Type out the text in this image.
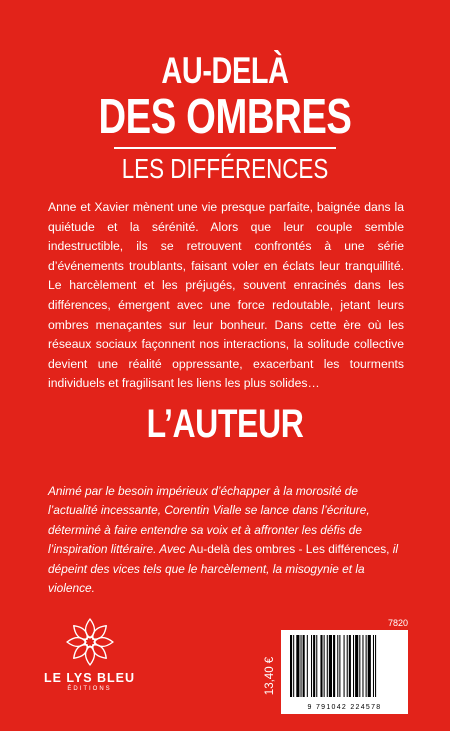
AU-DELÀ
DES OMBRES
LES DIFFÉRENCES

Anne et Xavier mènent une vie presque parfaite, baignée dans la quiétude et la sérénité. Alors que leur couple semble indestructible, ils se retrouvent confrontés à une série d’événements troublants, faisant voler en éclats leur tranquillité. Le harcèlement et les préjugés, souvent enracinés dans les différences, émergent avec une force redoutable, jetant leurs ombres menaçantes sur leur bonheur. Dans cette ère où les réseaux sociaux façonnent nos interactions, la solitude collective devient une réalité oppressante, exacerbant les tourments individuels et fragilisant les liens les plus solides…

L’AUTEUR

Animé par le besoin impérieux d’échapper à la morosité de l’actualité incessante, Corentin Vialle se lance dans l’écriture, déterminé à faire entendre sa voix et à affronter les défis de l’inspiration littéraire. Avec Au-delà des ombres - Les différences, il dépeint des vices tels que le harcèlement, la misogynie et la violence.

LE LYS BLEU
ÉDITIONS	13,40 €
7820
9 791042 224578
